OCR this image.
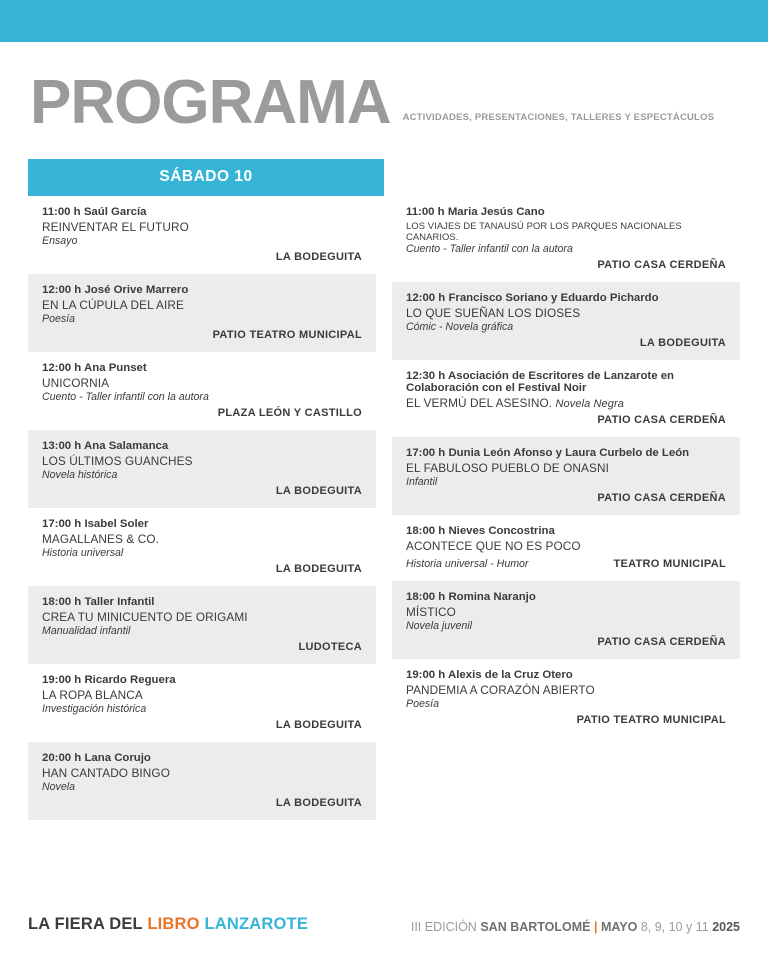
PROGRAMA	ACTIVIDADES, PRESENTACIONES, TALLERES Y ESPECTÁCULOS
SÁBADO 10
11:00 h Saúl García
REINVENTAR EL FUTURO
Ensayo
LA BODEGUITA
12:00 h José Orive Marrero
EN LA CÚPULA DEL AIRE
Poesía
PATIO TEATRO MUNICIPAL
12:00 h Ana Punset
UNICORNIA
Cuento - Taller infantil con la autora
PLAZA LEÓN Y CASTILLO
13:00 h Ana Salamanca
LOS ÚLTIMOS GUANCHES
Novela histórica
LA BODEGUITA
17:00 h Isabel Soler
MAGALLANES & CO.
Historia universal
LA BODEGUITA
18:00 h Taller Infantil
CREA TU MINICUENTO DE ORIGAMI
Manualidad infantil
LUDOTECA
19:00 h Ricardo Reguera
LA ROPA BLANCA
Investigación histórica
LA BODEGUITA
20:00 h Lana Corujo
HAN CANTADO BINGO
Novela
LA BODEGUITA
11:00 h Maria Jesús Cano
LOS VIAJES DE TANAUSÚ POR LOS PARQUES NACIONALES CANARIOS.
Cuento - Taller infantil con la autora
PATIO CASA CERDEÑA
12:00 h Francisco Soriano y Eduardo Pichardo
LO QUE SUEÑAN LOS DIOSES
Cómic - Novela gráfica
LA BODEGUITA
12:30 h Asociación de Escritores de Lanzarote en Colaboración con el Festival Noir
EL VERMÚ DEL ASESINO. Novela Negra
PATIO CASA CERDEÑA
17:00 h Dunia León Afonso y Laura Curbelo de León
EL FABULOSO PUEBLO DE ONASNI
Infantil
PATIO CASA CERDEÑA
18:00 h Nieves Concostrina
ACONTECE QUE NO ES POCO
Historia universal - Humor	TEATRO MUNICIPAL
18:00 h Romina Naranjo
MÍSTICO
Novela juvenil
PATIO CASA CERDEÑA
19:00 h Alexis de la Cruz Otero
PANDEMIA A CORAZÓN ABIERTO
Poesía
PATIO TEATRO MUNICIPAL
LA FIERA DEL LIBRO LANZAROTE	III EDICIÓN SAN BARTOLOMÉ | MAYO 8, 9, 10 y 11 2025
